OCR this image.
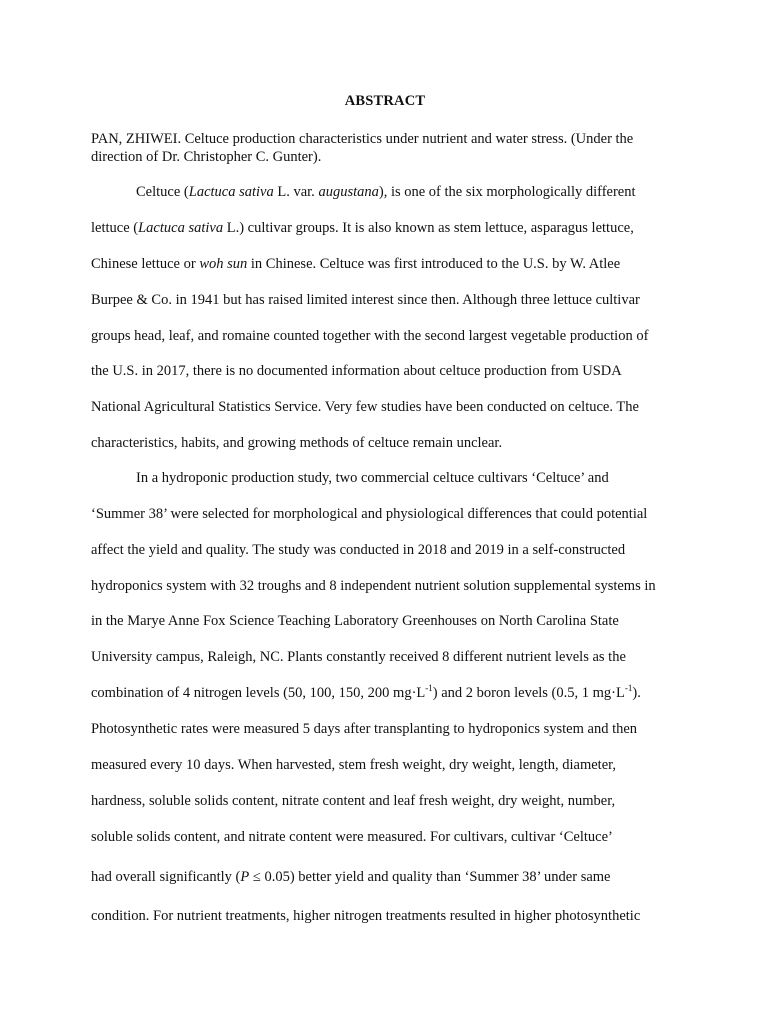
ABSTRACT
PAN, ZHIWEI. Celtuce production characteristics under nutrient and water stress. (Under the
direction of Dr. Christopher C. Gunter).
Celtuce (Lactuca sativa L. var. augustana), is one of the six morphologically different
lettuce (Lactuca sativa L.) cultivar groups. It is also known as stem lettuce, asparagus lettuce,
Chinese lettuce or woh sun in Chinese. Celtuce was first introduced to the U.S. by W. Atlee
Burpee & Co. in 1941 but has raised limited interest since then. Although three lettuce cultivar
groups head, leaf, and romaine counted together with the second largest vegetable production of
the U.S. in 2017, there is no documented information about celtuce production from USDA
National Agricultural Statistics Service. Very few studies have been conducted on celtuce. The
characteristics, habits, and growing methods of celtuce remain unclear.
In a hydroponic production study, two commercial celtuce cultivars ‘Celtuce’ and
‘Summer 38’ were selected for morphological and physiological differences that could potential
affect the yield and quality. The study was conducted in 2018 and 2019 in a self-constructed
hydroponics system with 32 troughs and 8 independent nutrient solution supplemental systems in
in the Marye Anne Fox Science Teaching Laboratory Greenhouses on North Carolina State
University campus, Raleigh, NC. Plants constantly received 8 different nutrient levels as the
combination of 4 nitrogen levels (50, 100, 150, 200 $mg\cdot L^{-1}$) and 2 boron levels (0.5, 1 $mg\cdot L^{-1}$).
Photosynthetic rates were measured 5 days after transplanting to hydroponics system and then
measured every 10 days. When harvested, stem fresh weight, dry weight, length, diameter,
hardness, soluble solids content, nitrate content and leaf fresh weight, dry weight, number,
soluble solids content, and nitrate content were measured. For cultivars, cultivar ‘Celtuce’
had overall significantly (P ≤ 0.05) better yield and quality than ‘Summer 38’ under same
condition. For nutrient treatments, higher nitrogen treatments resulted in higher photosynthetic
